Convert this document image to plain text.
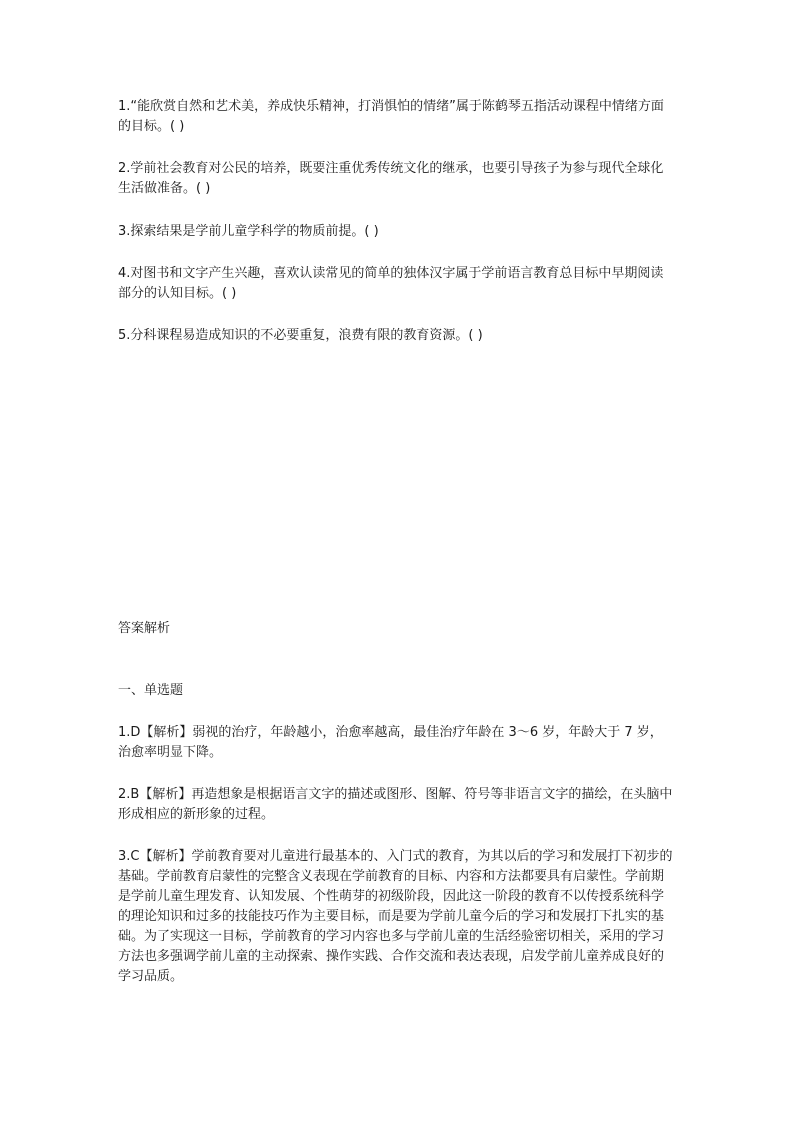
1.“能欣赏自然和艺术美，养成快乐精神，打消惧怕的情绪”属于陈鹤琴五指活动课程中情绪方面的目标。( )

2.学前社会教育对公民的培养，既要注重优秀传统文化的继承，也要引导孩子为参与现代全球化生活做准备。( )

3.探索结果是学前儿童学科学的物质前提。( )

4.对图书和文字产生兴趣，喜欢认读常见的简单的独体汉字属于学前语言教育总目标中早期阅读部分的认知目标。( )

5.分科课程易造成知识的不必要重复，浪费有限的教育资源。( )

答案解析

一、单选题

1.D【解析】弱视的治疗，年龄越小，治愈率越高，最佳治疗年龄在 3～6 岁，年龄大于 7 岁，治愈率明显下降。

2.B【解析】再造想象是根据语言文字的描述或图形、图解、符号等非语言文字的描绘，在头脑中形成相应的新形象的过程。

3.C【解析】学前教育要对儿童进行最基本的、入门式的教育，为其以后的学习和发展打下初步的基础。学前教育启蒙性的完整含义表现在学前教育的目标、内容和方法都要具有启蒙性。学前期是学前儿童生理发育、认知发展、个性萌芽的初级阶段，因此这一阶段的教育不以传授系统科学的理论知识和过多的技能技巧作为主要目标，而是要为学前儿童今后的学习和发展打下扎实的基础。为了实现这一目标，学前教育的学习内容也多与学前儿童的生活经验密切相关，采用的学习方法也多强调学前儿童的主动探索、操作实践、合作交流和表达表现，启发学前儿童养成良好的学习品质。
